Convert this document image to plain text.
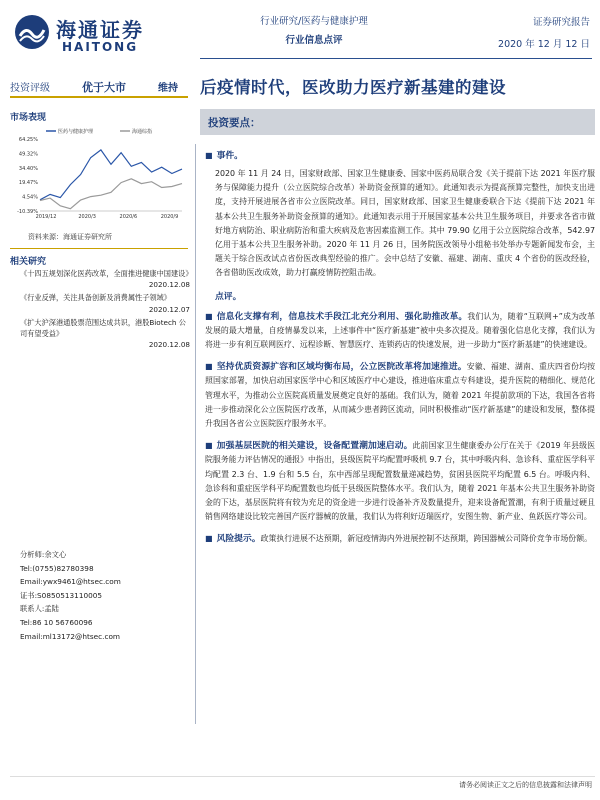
海通证券
HAITONG
行业研究/医药与健康护理
行业信息点评
证券研究报告
2020 年 12 月 12 日
投资评级	优于大市	维持 后疫情时代，医改助力医疗新基建的建设
市场表现
医药与健康护理	海通综指
64.25%
49.32%
34.40%
19.47%
4.54%
-10.39%
2019/12	2020/3	2020/6	2020/9
资料来源：海通证券研究所
相关研究
《十四五规划深化医药改革，全面推进健康中国建设》
2020.12.08
《行业反弹，关注具备创新及消费属性子领域》
2020.12.07
《扩大沪深港通股票范围达成共识，港股Biotech 公司有望受益》
2020.12.08
分析师:余文心
Tel:(0755)82780398
Email:ywx9461@htsec.com
证书:S0850513110005
联系人:孟陆
Tel:86 10 56760096
Email:ml13172@htsec.com
投资要点：
■ 事件。
2020 年 11 月 24 日，国家财政部、国家卫生健康委、国家中医药局联合发《关于提前下达 2021 年医疗服务与保障能力提升（公立医院综合改革）补助资金预算的通知》。此通知表示为提高预算完整性，加快支出进度，支持开展进展各省市公立医院改革。同日，国家财政部、国家卫生健康委联合下达《提前下达 2021 年基本公共卫生服务补助资金预算的通知》。此通知表示用于开展国家基本公共卫生服务项目，并要求各省市做好地方病防治、职业病防治和重大疾病及危害因素监测工作。其中 79.90 亿用于公立医院综合改革，542.97 亿用于基本公共卫生服务补助。2020 年 11 月 26 日，国务院医改领导小组秘书处举办专题新闻发布会，主题关于综合医改试点省份医改典型经验的推广。会中总结了安徽、福建、湖南、重庆 4 个省份的医改经验，各省借助医改成效，助力打赢疫情防控阻击战。
点评。
■ 信息化支撑有利，信息技术手段江北充分利用、强化助推改革。我们认为，随着“互联网+”成为改革发展的最大增量，自疫情暴发以来，上述事件中“医疗新基建”被中央多次提及。随着强化信息化支撑，我们认为将进一步有利互联网医疗、远程诊断、智慧医疗、连锁药店的快速发展，进一步助力“医疗新基建”的快速建设。
■ 坚持优质资源扩容和区域均衡布局，公立医院改革将加速推进。安徽、福建、湖南、重庆四省份均按照国家部署，加快启动国家医学中心和区域医疗中心建设，推进临床重点专科建设，提升医院的精细化、规范化管理水平，为推动公立医院高质量发展奠定良好的基础。我们认为，随着 2021 年提前款项的下达，我国各省将进一步推动深化公立医院医疗改革，从而减少患者跨区流动，同时积极推动“医疗新基建”的建设和发展，整体提升我国各省公立医院医疗服务水平。
■ 加强基层医院的相关建设，设备配置潮加速启动。此前国家卫生健康委办公厅在关于《2019 年县级医院服务能力评估情况的通报》中指出，县级医院平均配置呼吸机 9.7 台，其中呼吸内科、急诊科、重症医学科平均配置 2.3 台、1.9 台和 5.5 台，东中西部呈现配置数量递减趋势，贫困县医院平均配置 6.5 台。呼吸内科、急诊科和重症医学科平均配置数也均低于县级医院整体水平。我们认为，随着 2021 年基本公共卫生服务补助资金的下达，基层医院将有较为充足的资金进一步进行设备补齐及数量提升，迎来设备配置潮，有利于质量过硬且销售网络建设比较完善国产医疗器械的放量，我们认为将利好迈瑞医疗，安图生物、新产业、鱼跃医疗等公司。
■ 风险提示。政策执行进展不达预期，新冠疫情海内外进展控制不达预期，跨国器械公司降价竞争市场份额。
请务必阅读正文之后的信息披露和法律声明
